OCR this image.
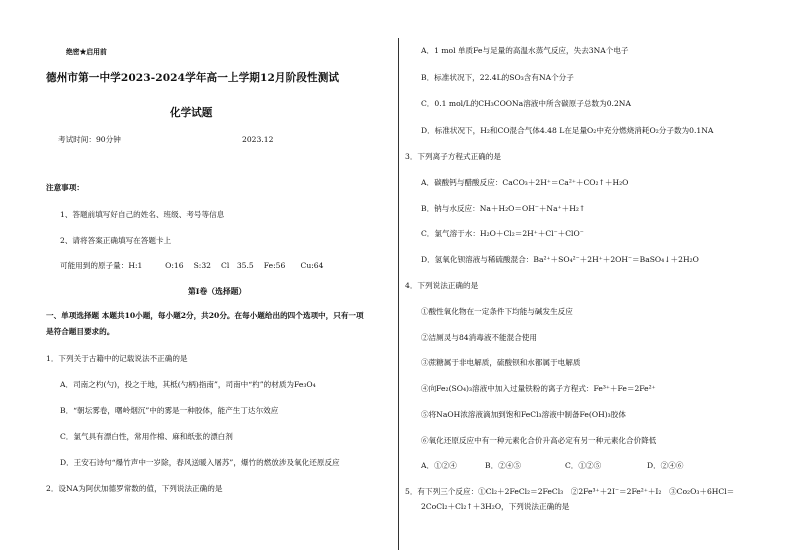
绝密★启用前
德州市第一中学2023-2024学年高一上学期12月阶段性测试
化学试题
考试时间：90分钟	2023.12
注意事项：
1、答题前填写好自己的姓名、班级、考号等信息
2、请将答案正确填写在答题卡上
可能用到的原子量：H:1　　　O:16　 S:32　 Cl　35.5　 Fe:56　　Cu:64
第I卷（选择题）
一、单项选择题 本题共10小题，每小题2分，共20分。在每小题给出的四个选项中，只有一项
是符合题目要求的。
1．下列关于古籍中的记载说法不正确的是
A．司南之杓(勺)，投之于地，其柢(勺柄)指南”，司南中“杓”的材质为Fe₃O₄
B．“朝坛雾卷，曙岭烟沉”中的雾是一种胶体，能产生丁达尔效应
C．氯气具有漂白性，常用作棉、麻和纸张的漂白剂
D．王安石诗句“爆竹声中一岁除，春风送暖入屠苏”，爆竹的燃放涉及氧化还原反应
2．设NA为阿伏加德罗常数的值，下列说法正确的是
A．1 mol 单质Fe与足量的高温水蒸气反应，失去3NA个电子
B．标准状况下，22.4L的SO₃含有NA个分子
C．0.1 mol/L的CH₃COONa溶液中所含碳原子总数为0.2NA
D．标准状况下，H₂和CO混合气体4.48 L在足量O₂中充分燃烧消耗O₂分子数为0.1NA
3．下列离子方程式正确的是
A．碳酸钙与醋酸反应：CaCO₃＋2H⁺＝Ca²⁺＋CO₂↑＋H₂O
B．钠与水反应：Na＋H₂O＝OH⁻＋Na⁺＋H₂↑
C．氯气溶于水：H₂O＋Cl₂＝2H⁺＋Cl⁻＋ClO⁻
D．氢氧化钡溶液与稀硫酸混合：Ba²⁺＋SO₄²⁻＋2H⁺＋2OH⁻＝BaSO₄↓＋2H₂O
4．下列说法正确的是
①酸性氧化物在一定条件下均能与碱发生反应
②洁厕灵与84消毒液不能混合使用
③蔗糖属于非电解质，硫酸钡和水都属于电解质
④向Fe₂(SO₄)₃溶液中加入过量铁粉的离子方程式：Fe³⁺＋Fe＝2Fe²⁺
⑤将NaOH浓溶液滴加到饱和FeCl₃溶液中制备Fe(OH)₃胶体
⑥氧化还原反应中有一种元素化合价升高必定有另一种元素化合价降低
A．①②④	B．②④⑤	C．①②⑤	D．②④⑥
5．有下列三个反应：①Cl₂＋2FeCl₂＝2FeCl₃　②2Fe³⁺＋2I⁻＝2Fe²⁺＋I₂　③Co₂O₃＋6HCl＝
2CoCl₂＋Cl₂↑＋3H₂O，下列说法正确的是
